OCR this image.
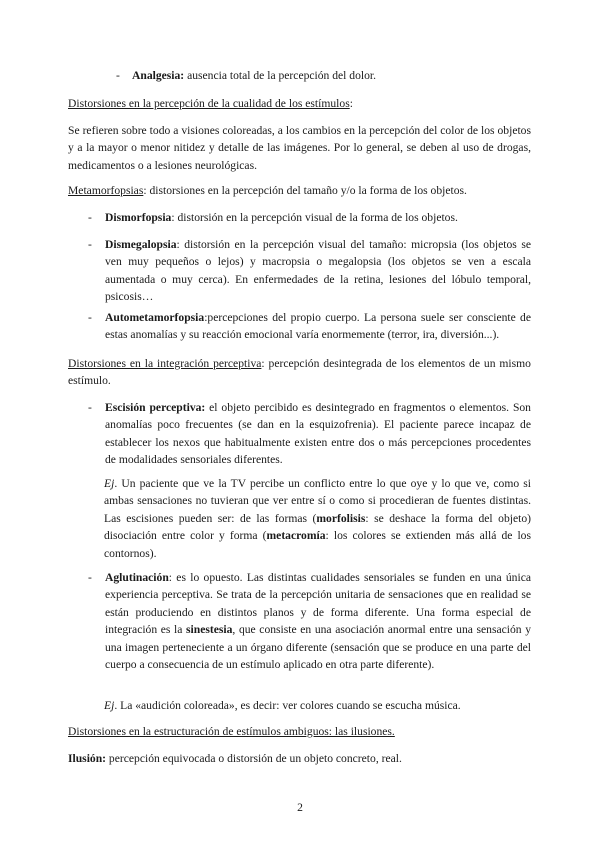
- Analgesia: ausencia total de la percepción del dolor.

Distorsiones en la percepción de la cualidad de los estímulos:

Se refieren sobre todo a visiones coloreadas, a los cambios en la percepción del color de los objetos y a la mayor o menor nitidez y detalle de las imágenes. Por lo general, se deben al uso de drogas, medicamentos o a lesiones neurológicas.

Metamorfopsias: distorsiones en la percepción del tamaño y/o la forma de los objetos.

-	Dismorfopsia: distorsión en la percepción visual de la forma de los objetos.
-	Dismegalopsia: distorsión en la percepción visual del tamaño: micropsia (los objetos se ven muy pequeños o lejos) y macropsia o megalopsia (los objetos se ven a escala aumentada o muy cerca). En enfermedades de la retina, lesiones del lóbulo temporal, psicosis…
-	Autometamorfopsia:percepciones del propio cuerpo. La persona suele ser consciente de estas anomalías y su reacción emocional varía enormemente (terror, ira, diversión...).

Distorsiones en la integración perceptiva: percepción desintegrada de los elementos de un mismo estímulo.

-	Escisión perceptiva: el objeto percibido es desintegrado en fragmentos o elementos. Son anomalías poco frecuentes (se dan en la esquizofrenia). El paciente parece incapaz de establecer los nexos que habitualmente existen entre dos o más percepciones procedentes de modalidades sensoriales diferentes.

Ej. Un paciente que ve la TV percibe un conflicto entre lo que oye y lo que ve, como si ambas sensaciones no tuvieran que ver entre sí o como si procedieran de fuentes distintas. Las escisiones pueden ser: de las formas (morfolisis: se deshace la forma del objeto) disociación entre color y forma (metacromía: los colores se extienden más allá de los contornos).

-	Aglutinación: es lo opuesto. Las distintas cualidades sensoriales se funden en una única experiencia perceptiva. Se trata de la percepción unitaria de sensaciones que en realidad se están produciendo en distintos planos y de forma diferente. Una forma especial de integración es la sinestesia, que consiste en una asociación anormal entre una sensación y una imagen perteneciente a un órgano diferente (sensación que se produce en una parte del cuerpo a consecuencia de un estímulo aplicado en otra parte diferente).

Ej. La «audición coloreada», es decir: ver colores cuando se escucha música.

Distorsiones en la estructuración de estímulos ambiguos: las ilusiones.

Ilusión: percepción equivocada o distorsión de un objeto concreto, real.

2
